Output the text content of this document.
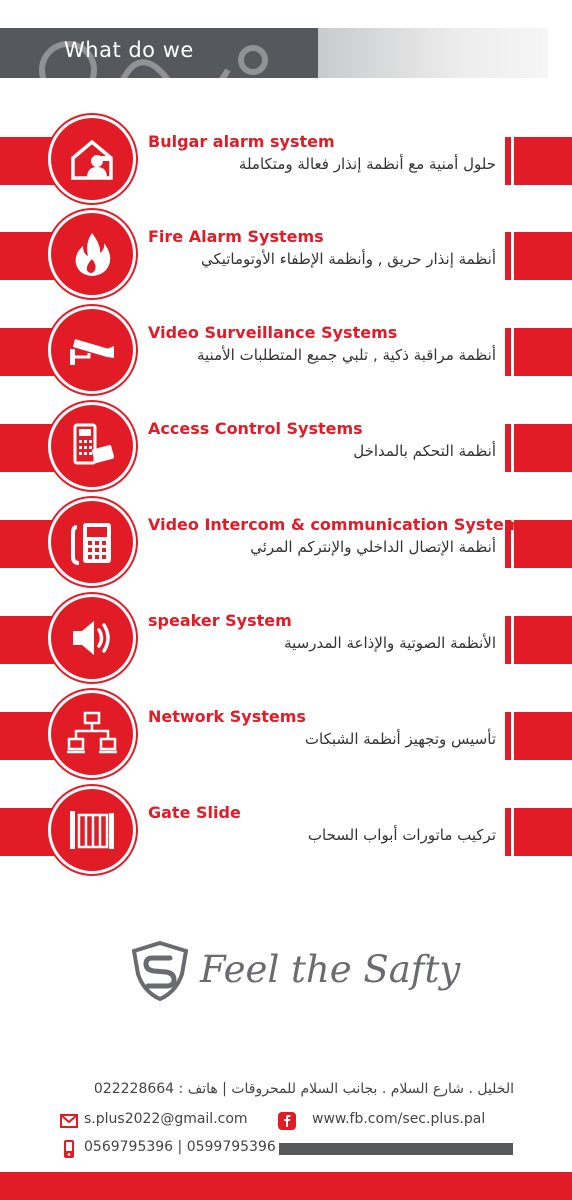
What do we
Bulgar alarm system
حلول أمنية مع أنظمة إنذار فعالة ومتكاملة
Fire Alarm Systems
أنظمة إنذار حريق , وأنظمة الإطفاء الأوتوماتيكي
Video Surveillance Systems
أنظمة مراقبة ذكية , تلبي جميع المتطلبات الأمنية
Access Control Systems
أنظمة التحكم بالمداخل
Video Intercom & communication Systems
أنظمة الإتصال الداخلي والإنتركم المرئي
speaker System
الأنظمة الصوتية والإذاعة المدرسية
Network Systems
تأسيس وتجهيز أنظمة الشبكات
Gate Slide
تركيب ماتورات أبواب السحاب
Feel the Safty
الخليل . شارع السلام . بجانب السلام للمحروقات | هاتف : 022228664
s.plus2022@gmail.com	www.fb.com/sec.plus.pal
0569795396 | 0599795396
